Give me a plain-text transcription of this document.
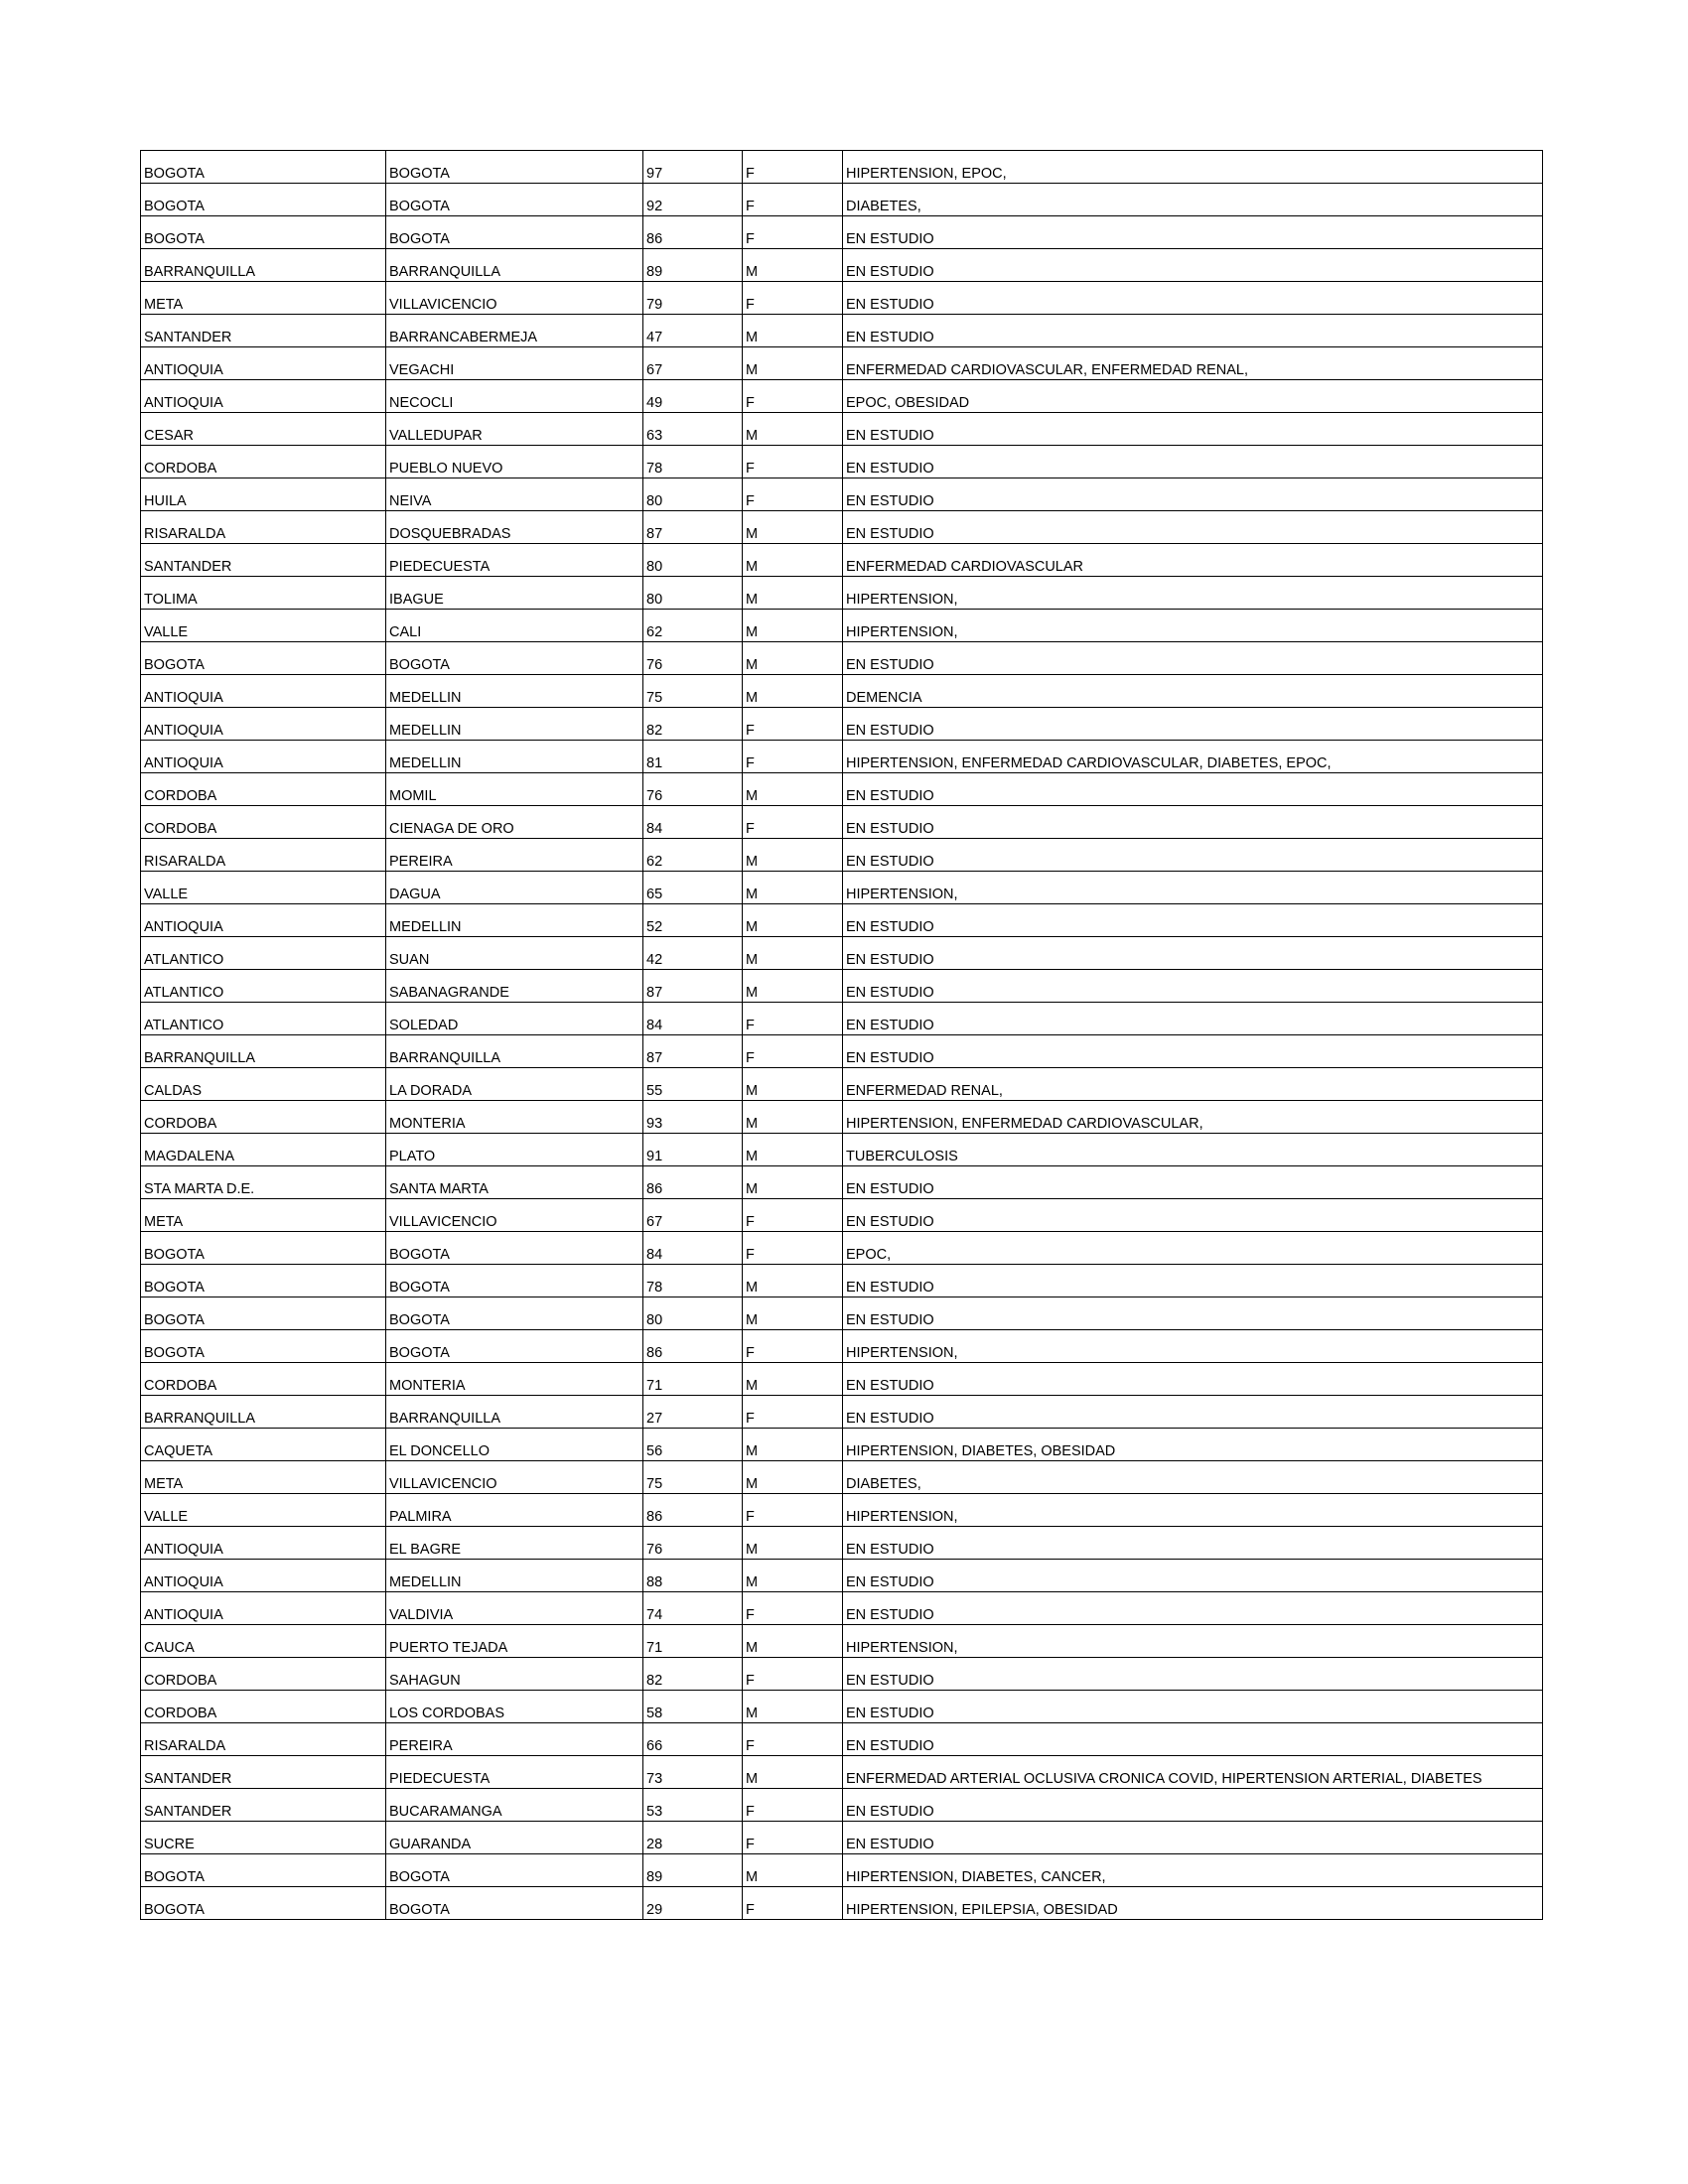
BOGOTA	BOGOTA	97	F	HIPERTENSION, EPOC,
BOGOTA	BOGOTA	92	F	DIABETES,
BOGOTA	BOGOTA	86	F	EN ESTUDIO
BARRANQUILLA	BARRANQUILLA	89	M	EN ESTUDIO
META	VILLAVICENCIO	79	F	EN ESTUDIO
SANTANDER	BARRANCABERMEJA	47	M	EN ESTUDIO
ANTIOQUIA	VEGACHI	67	M	ENFERMEDAD CARDIOVASCULAR, ENFERMEDAD RENAL,
ANTIOQUIA	NECOCLI	49	F	EPOC, OBESIDAD
CESAR	VALLEDUPAR	63	M	EN ESTUDIO
CORDOBA	PUEBLO NUEVO	78	F	EN ESTUDIO
HUILA	NEIVA	80	F	EN ESTUDIO
RISARALDA	DOSQUEBRADAS	87	M	EN ESTUDIO
SANTANDER	PIEDECUESTA	80	M	ENFERMEDAD CARDIOVASCULAR
TOLIMA	IBAGUE	80	M	HIPERTENSION,
VALLE	CALI	62	M	HIPERTENSION,
BOGOTA	BOGOTA	76	M	EN ESTUDIO
ANTIOQUIA	MEDELLIN	75	M	DEMENCIA
ANTIOQUIA	MEDELLIN	82	F	EN ESTUDIO
ANTIOQUIA	MEDELLIN	81	F	HIPERTENSION, ENFERMEDAD CARDIOVASCULAR, DIABETES, EPOC,
CORDOBA	MOMIL	76	M	EN ESTUDIO
CORDOBA	CIENAGA DE ORO	84	F	EN ESTUDIO
RISARALDA	PEREIRA	62	M	EN ESTUDIO
VALLE	DAGUA	65	M	HIPERTENSION,
ANTIOQUIA	MEDELLIN	52	M	EN ESTUDIO
ATLANTICO	SUAN	42	M	EN ESTUDIO
ATLANTICO	SABANAGRANDE	87	M	EN ESTUDIO
ATLANTICO	SOLEDAD	84	F	EN ESTUDIO
BARRANQUILLA	BARRANQUILLA	87	F	EN ESTUDIO
CALDAS	LA DORADA	55	M	ENFERMEDAD RENAL,
CORDOBA	MONTERIA	93	M	HIPERTENSION, ENFERMEDAD CARDIOVASCULAR,
MAGDALENA	PLATO	91	M	TUBERCULOSIS
STA MARTA D.E.	SANTA MARTA	86	M	EN ESTUDIO
META	VILLAVICENCIO	67	F	EN ESTUDIO
BOGOTA	BOGOTA	84	F	EPOC,
BOGOTA	BOGOTA	78	M	EN ESTUDIO
BOGOTA	BOGOTA	80	M	EN ESTUDIO
BOGOTA	BOGOTA	86	F	HIPERTENSION,
CORDOBA	MONTERIA	71	M	EN ESTUDIO
BARRANQUILLA	BARRANQUILLA	27	F	EN ESTUDIO
CAQUETA	EL DONCELLO	56	M	HIPERTENSION, DIABETES, OBESIDAD
META	VILLAVICENCIO	75	M	DIABETES,
VALLE	PALMIRA	86	F	HIPERTENSION,
ANTIOQUIA	EL BAGRE	76	M	EN ESTUDIO
ANTIOQUIA	MEDELLIN	88	M	EN ESTUDIO
ANTIOQUIA	VALDIVIA	74	F	EN ESTUDIO
CAUCA	PUERTO TEJADA	71	M	HIPERTENSION,
CORDOBA	SAHAGUN	82	F	EN ESTUDIO
CORDOBA	LOS CORDOBAS	58	M	EN ESTUDIO
RISARALDA	PEREIRA	66	F	EN ESTUDIO
SANTANDER	PIEDECUESTA	73	M	ENFERMEDAD ARTERIAL OCLUSIVA CRONICA COVID, HIPERTENSION ARTERIAL, DIABETES
SANTANDER	BUCARAMANGA	53	F	EN ESTUDIO
SUCRE	GUARANDA	28	F	EN ESTUDIO
BOGOTA	BOGOTA	89	M	HIPERTENSION, DIABETES, CANCER,
BOGOTA	BOGOTA	29	F	HIPERTENSION, EPILEPSIA, OBESIDAD
